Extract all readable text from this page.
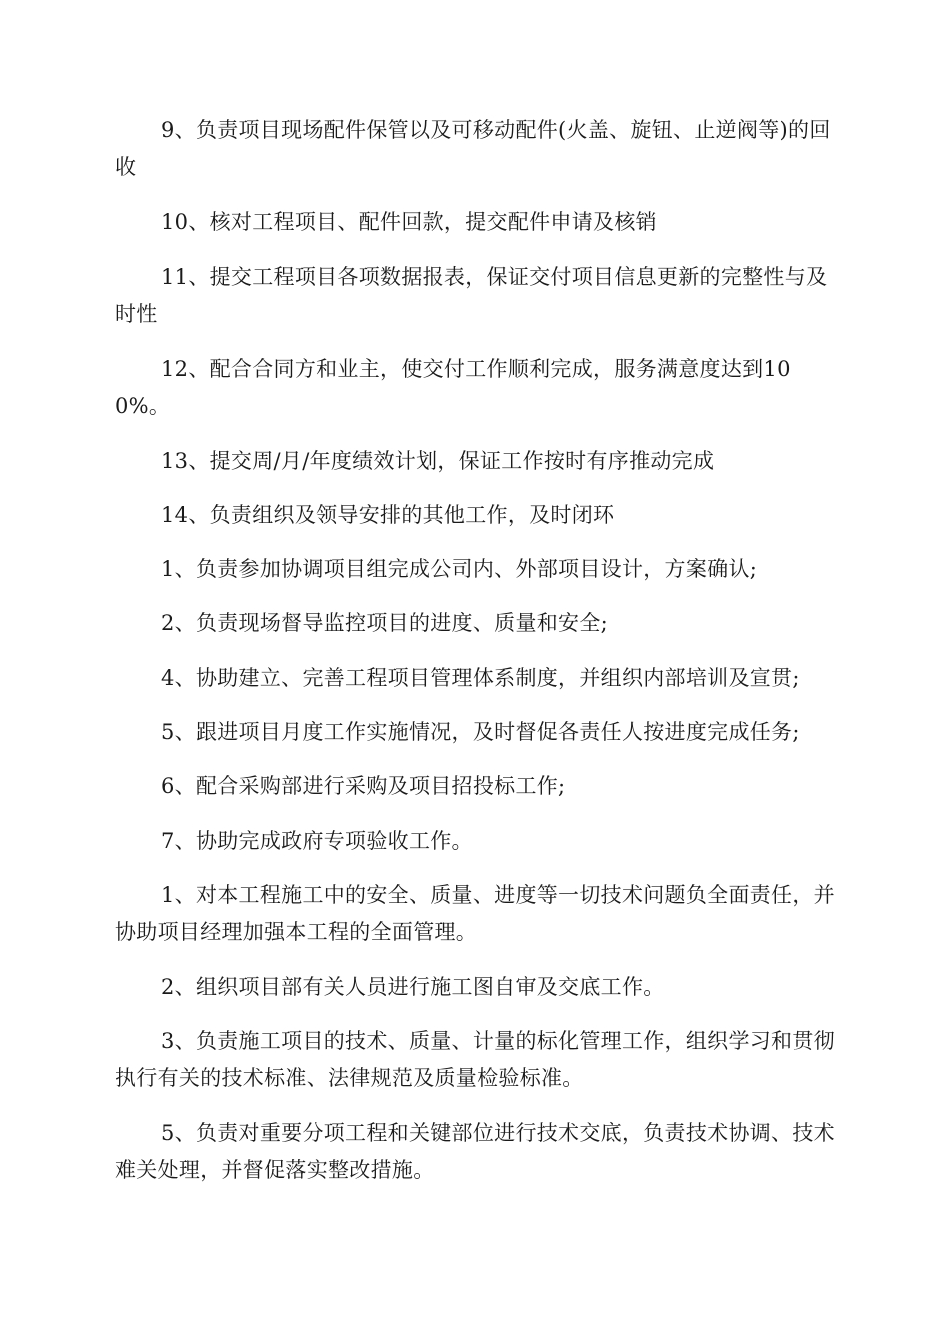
9、负责项目现场配件保管以及可移动配件(火盖、旋钮、止逆阀等)的回收

10、核对工程项目、配件回款，提交配件申请及核销

11、提交工程项目各项数据报表，保证交付项目信息更新的完整性与及时性

12、配合合同方和业主，使交付工作顺利完成，服务满意度达到100%。

13、提交周/月/年度绩效计划，保证工作按时有序推动完成

14、负责组织及领导安排的其他工作，及时闭环

1、负责参加协调项目组完成公司内、外部项目设计，方案确认;

2、负责现场督导监控项目的进度、质量和安全;

4、协助建立、完善工程项目管理体系制度，并组织内部培训及宣贯;

5、跟进项目月度工作实施情况，及时督促各责任人按进度完成任务;

6、配合采购部进行采购及项目招投标工作;

7、协助完成政府专项验收工作。

1、对本工程施工中的安全、质量、进度等一切技术问题负全面责任，并协助项目经理加强本工程的全面管理。

2、组织项目部有关人员进行施工图自审及交底工作。

3、负责施工项目的技术、质量、计量的标化管理工作，组织学习和贯彻执行有关的技术标准、法律规范及质量检验标准。

5、负责对重要分项工程和关键部位进行技术交底，负责技术协调、技术难关处理，并督促落实整改措施。
